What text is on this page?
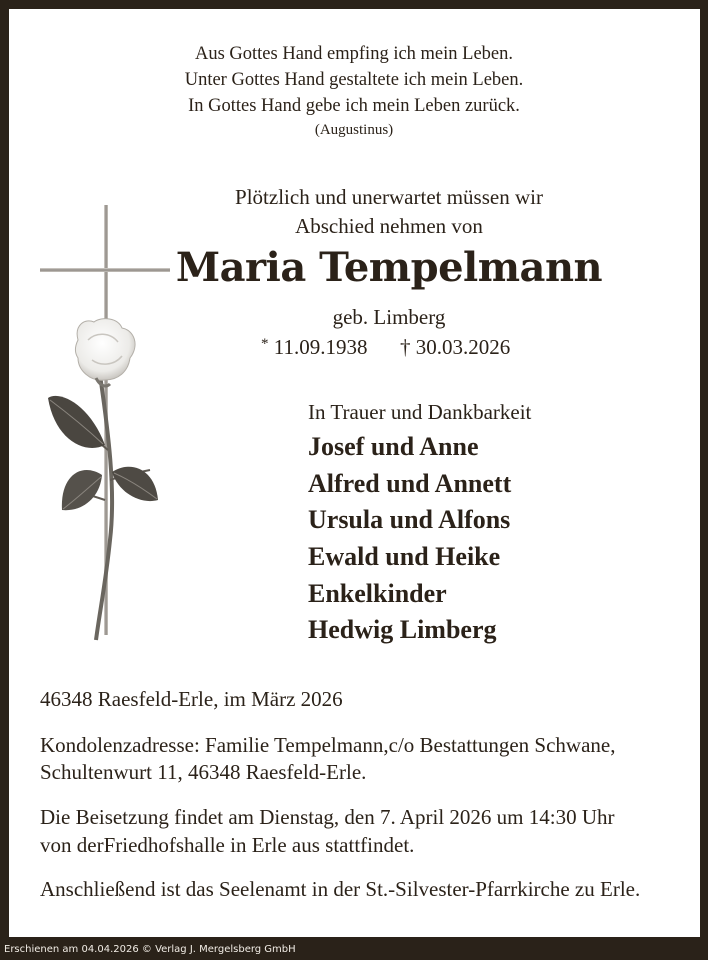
Aus Gottes Hand empfing ich mein Leben.
Unter Gottes Hand gestaltete ich mein Leben.
In Gottes Hand gebe ich mein Leben zurück.
(Augustinus)
Plötzlich und unerwartet müssen wir
Abschied nehmen von
Maria Tempelmann
geb. Limberg
* 11.09.1938 † 30.03.2026
In Trauer und Dankbarkeit
Josef und Anne
Alfred und Annett
Ursula und Alfons
Ewald und Heike
Enkelkinder
Hedwig Limberg
46348 Raesfeld-Erle, im März 2026
Kondolenzadresse: Familie Tempelmann,c/o Bestattungen Schwane,
Schultenwurt 11, 46348 Raesfeld-Erle.
Die Beisetzung findet am Dienstag, den 7. April 2026 um 14:30 Uhr
von derFriedhofshalle in Erle aus stattfindet.
Anschließend ist das Seelenamt in der St.-Silvester-Pfarrkirche zu Erle.
Erschienen am 04.04.2026 © Verlag J. Mergelsberg GmbH
